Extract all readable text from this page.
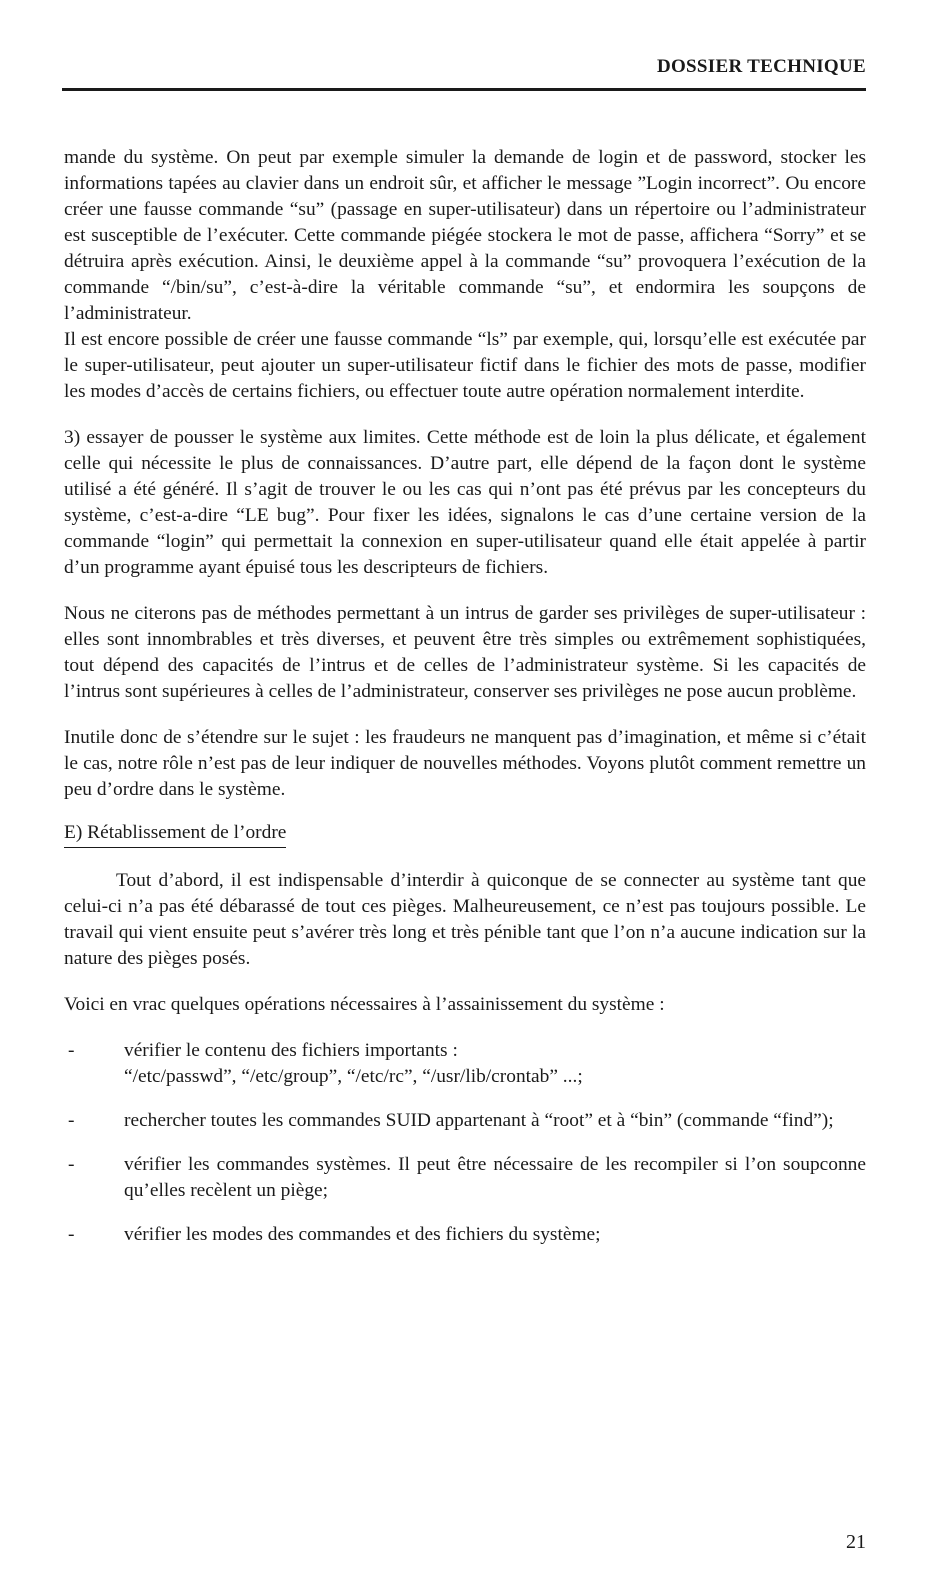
DOSSIER TECHNIQUE

mande du système. On peut par exemple simuler la demande de login et de password, stocker les informations tapées au clavier dans un endroit sûr, et afficher le message ”Login incorrect”. Ou encore créer une fausse commande “su” (passage en super-utilisateur) dans un répertoire ou l’administrateur est susceptible de l’exécuter. Cette commande piégée stockera le mot de passe, affichera “Sorry” et se détruira après exécution. Ainsi, le deuxième appel à la commande “su” provoquera l’exécution de la commande “/bin/su”, c’est-à-dire la véritable commande “su”, et endormira les soupçons de l’administrateur.

Il est encore possible de créer une fausse commande “ls” par exemple, qui, lorsqu’elle est exécutée par le super-utilisateur, peut ajouter un super-utilisateur fictif dans le fichier des mots de passe, modifier les modes d’accès de certains fichiers, ou effectuer toute autre opération normalement interdite.

3) essayer de pousser le système aux limites. Cette méthode est de loin la plus délicate, et également celle qui nécessite le plus de connaissances. D’autre part, elle dépend de la façon dont le système utilisé a été généré. Il s’agit de trouver le ou les cas qui n’ont pas été prévus par les concepteurs du système, c’est-a-dire “LE bug”. Pour fixer les idées, signalons le cas d’une certaine version de la commande “login” qui permettait la connexion en super-utilisateur quand elle était appelée à partir d’un programme ayant épuisé tous les descripteurs de fichiers.

Nous ne citerons pas de méthodes permettant à un intrus de garder ses privilèges de super-utilisateur : elles sont innombrables et très diverses, et peuvent être très simples ou extrêmement sophistiquées, tout dépend des capacités de l’intrus et de celles de l’administrateur système. Si les capacités de l’intrus sont supérieures à celles de l’administrateur, conserver ses privilèges ne pose aucun problème.

Inutile donc de s’étendre sur le sujet : les fraudeurs ne manquent pas d’imagination, et même si c’était le cas, notre rôle n’est pas de leur indiquer de nouvelles méthodes. Voyons plutôt comment remettre un peu d’ordre dans le système.

E) Rétablissement de l’ordre

Tout d’abord, il est indispensable d’interdir à quiconque de se connecter au système tant que celui-ci n’a pas été débarassé de tout ces pièges. Malheureusement, ce n’est pas toujours possible. Le travail qui vient ensuite peut s’avérer très long et très pénible tant que l’on n’a aucune indication sur la nature des pièges posés.

Voici en vrac quelques opérations nécessaires à l’assainissement du système :

-	vérifier le contenu des fichiers importants :
“/etc/passwd”, “/etc/group”, “/etc/rc”, “/usr/lib/crontab” ...;
-	rechercher toutes les commandes SUID appartenant à “root” et à “bin” (commande “find”);
-	vérifier les commandes systèmes. Il peut être nécessaire de les recompiler si l’on soupconne qu’elles recèlent un piège;
-	vérifier les modes des commandes et des fichiers du système;
21
